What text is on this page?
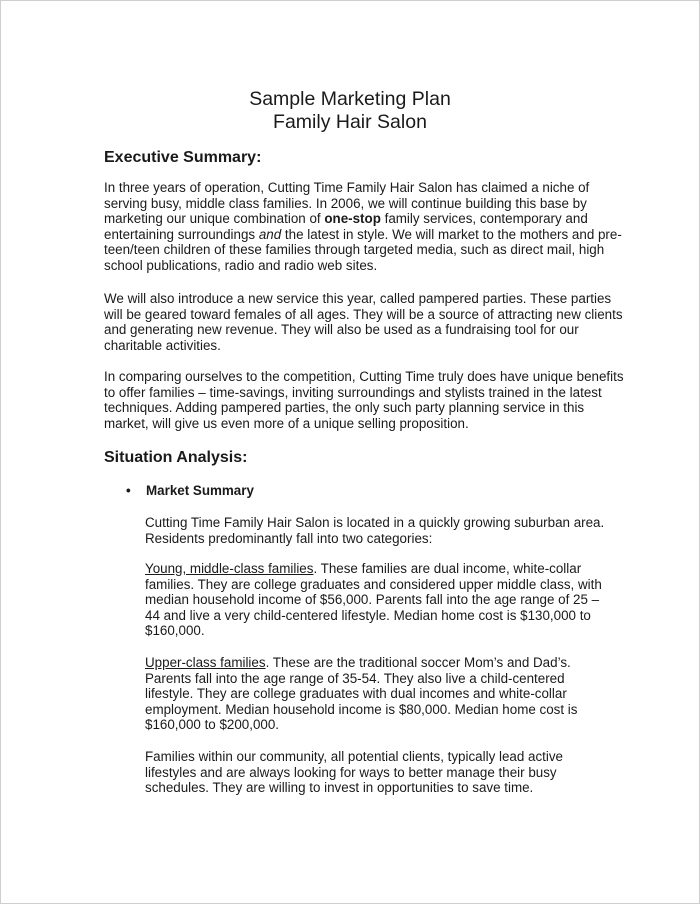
Sample Marketing Plan
Family Hair Salon
Executive Summary:
In three years of operation, Cutting Time Family Hair Salon has claimed a niche of serving busy, middle class families. In 2006, we will continue building this base by marketing our unique combination of one-stop family services, contemporary and entertaining surroundings and the latest in style. We will market to the mothers and pre-teen/teen children of these families through targeted media, such as direct mail, high school publications, radio and radio web sites.
We will also introduce a new service this year, called pampered parties. These parties will be geared toward females of all ages. They will be a source of attracting new clients and generating new revenue. They will also be used as a fundraising tool for our charitable activities.
In comparing ourselves to the competition, Cutting Time truly does have unique benefits to offer families – time-savings, inviting surroundings and stylists trained in the latest techniques. Adding pampered parties, the only such party planning service in this market, will give us even more of a unique selling proposition.
Situation Analysis:
• Market Summary
Cutting Time Family Hair Salon is located in a quickly growing suburban area. Residents predominantly fall into two categories:
Young, middle-class families. These families are dual income, white-collar families. They are college graduates and considered upper middle class, with median household income of $56,000. Parents fall into the age range of 25 – 44 and live a very child-centered lifestyle. Median home cost is $130,000 to $160,000.
Upper-class families. These are the traditional soccer Mom’s and Dad’s. Parents fall into the age range of 35-54. They also live a child-centered lifestyle. They are college graduates with dual incomes and white-collar employment. Median household income is $80,000. Median home cost is $160,000 to $200,000.
Families within our community, all potential clients, typically lead active lifestyles and are always looking for ways to better manage their busy schedules. They are willing to invest in opportunities to save time.
